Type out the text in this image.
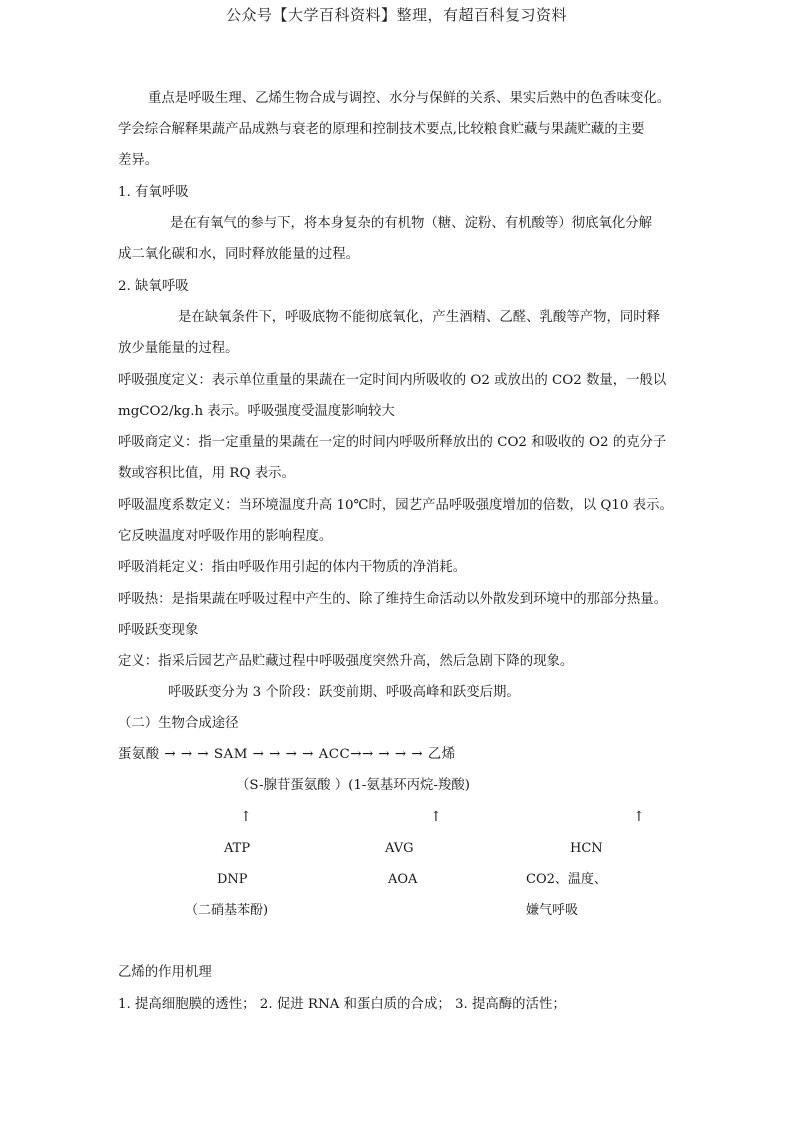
公众号【大学百科资料】整理，有超百科复习资料
重点是呼吸生理、乙烯生物合成与调控、水分与保鲜的关系、果实后熟中的色香味变化。
学会综合解释果蔬产品成熟与衰老的原理和控制技术要点,比较粮食贮藏与果蔬贮藏的主要
差异。
1. 有氧呼吸
是在有氧气的参与下，将本身复杂的有机物（糖、淀粉、有机酸等）彻底氧化分解
成二氧化碳和水，同时释放能量的过程。
2. 缺氧呼吸
是在缺氧条件下，呼吸底物不能彻底氧化，产生酒精、乙醛、乳酸等产物，同时释
放少量能量的过程。
呼吸强度定义：表示单位重量的果蔬在一定时间内所吸收的 O2 或放出的 CO2 数量，一般以
mgCO2/kg.h 表示。呼吸强度受温度影响较大
呼吸商定义：指一定重量的果蔬在一定的时间内呼吸所释放出的 CO2 和吸收的 O2 的克分子
数或容积比值，用 RQ 表示。
呼吸温度系数定义：当环境温度升高 10℃时，园艺产品呼吸强度增加的倍数，以 Q10 表示。
它反映温度对呼吸作用的影响程度。
呼吸消耗定义：指由呼吸作用引起的体内干物质的净消耗。
呼吸热：是指果蔬在呼吸过程中产生的、除了维持生命活动以外散发到环境中的那部分热量。
呼吸跃变现象
定义：指采后园艺产品贮藏过程中呼吸强度突然升高，然后急剧下降的现象。
呼吸跃变分为 3 个阶段：跃变前期、呼吸高峰和跃变后期。
（二）生物合成途径
蛋氨酸 → → → SAM → → → → ACC→→ → → → 乙烯
（S-腺苷蛋氨酸 ）(1-氨基环丙烷-羧酸)
↑	↑	↑
ATP
DNP
（二硝基苯酚)
AVG
AOA
HCN
CO2、温度、
嫌气呼吸
乙烯的作用机理
1. 提高细胞膜的透性； 2. 促进 RNA 和蛋白质的合成； 3. 提高酶的活性；
